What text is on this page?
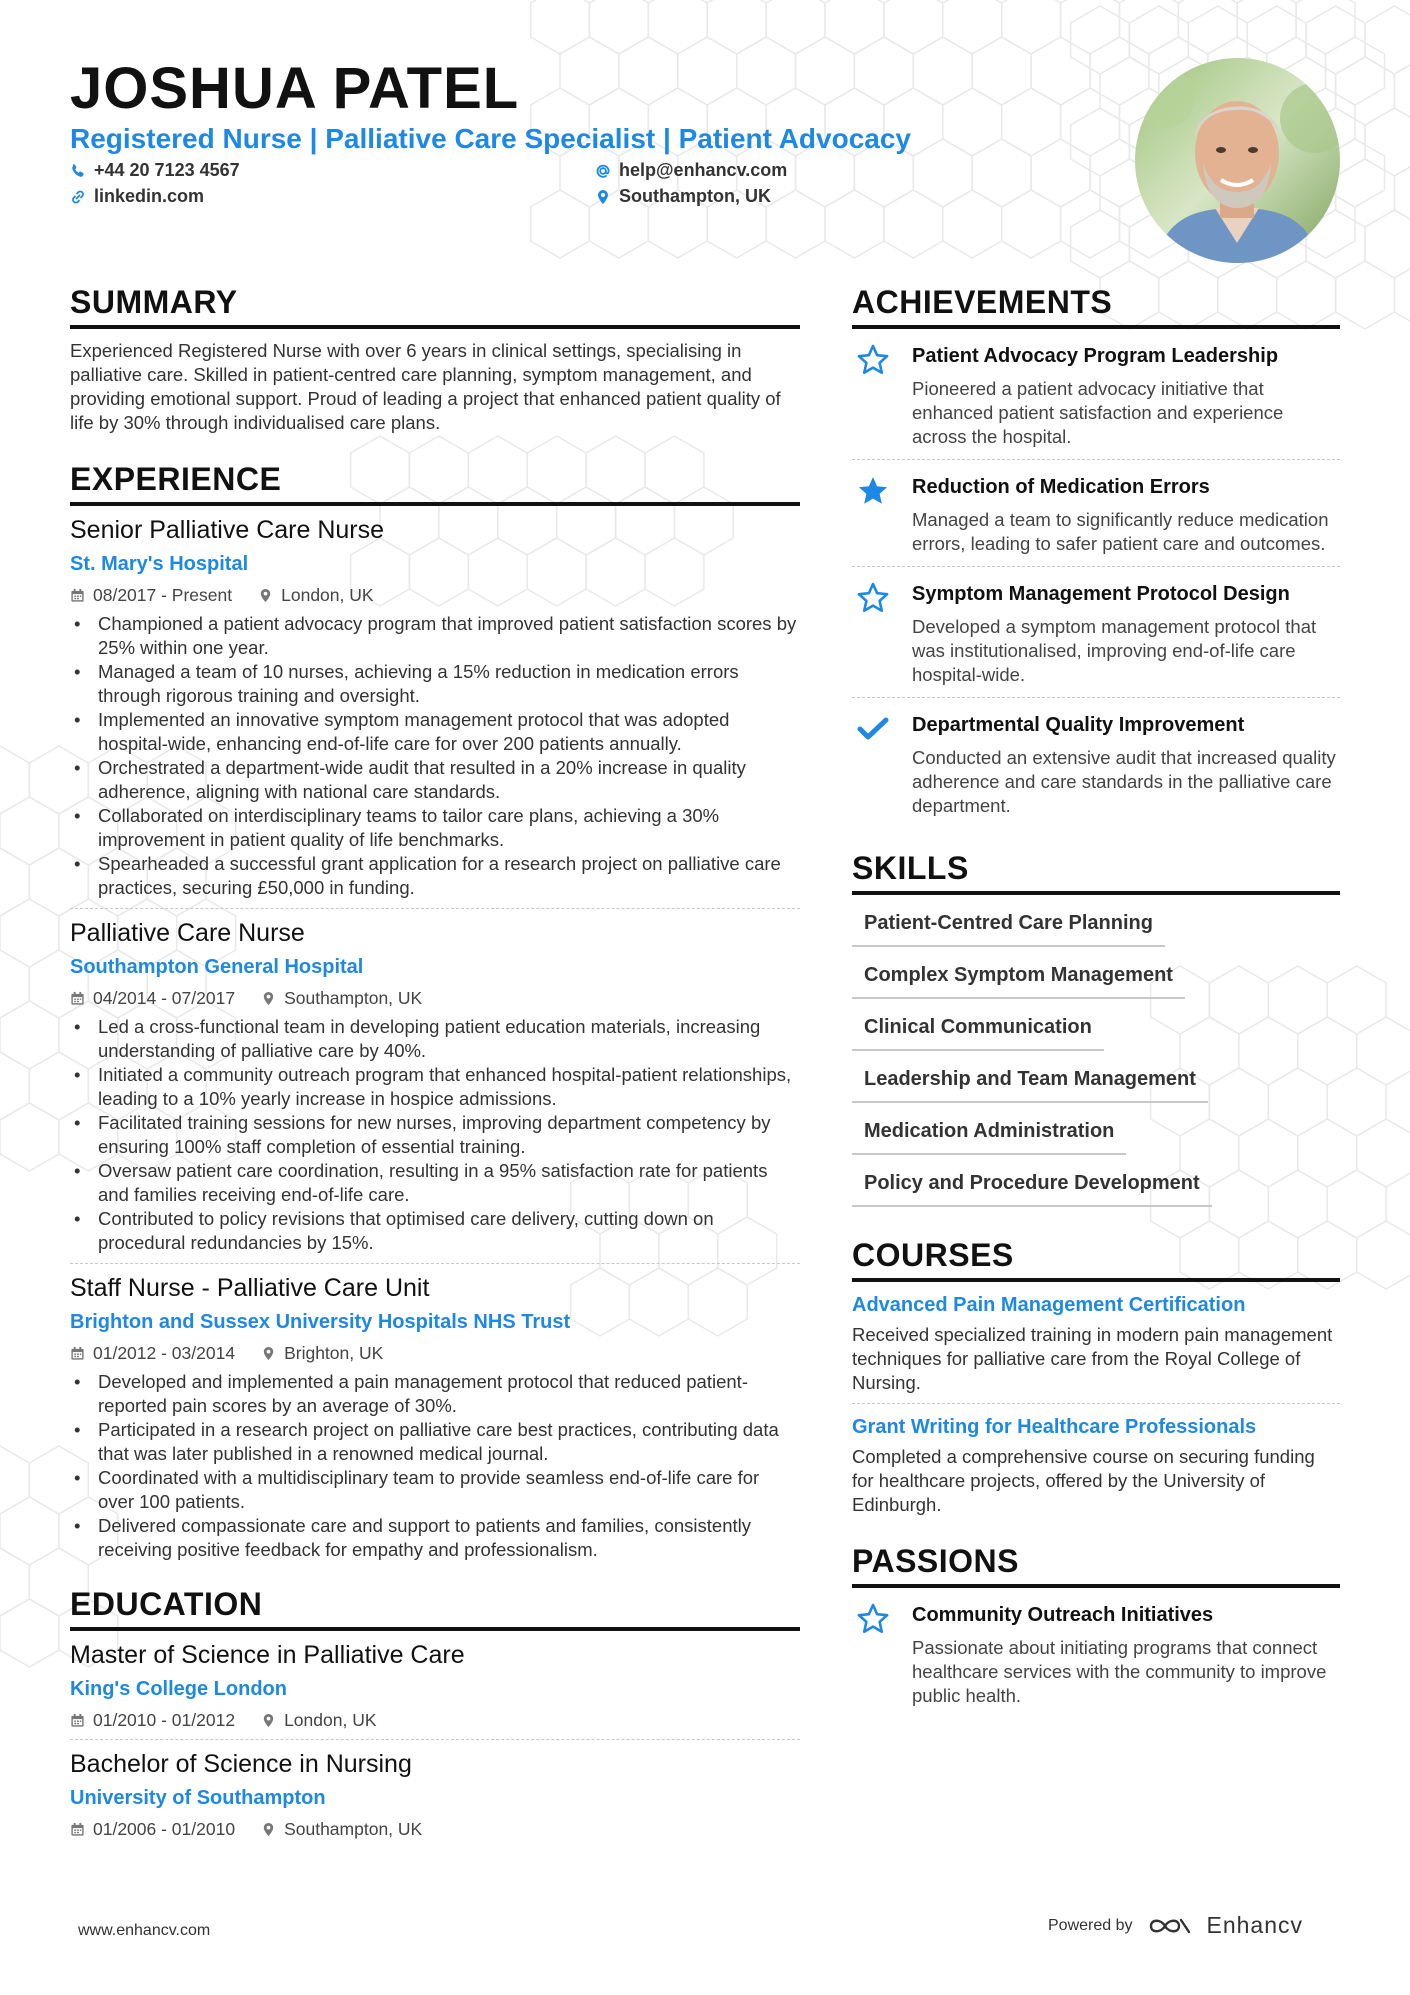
JOSHUA PATEL
Registered Nurse | Palliative Care Specialist | Patient Advocacy
+44 20 7123 4567	help@enhancv.com
linkedin.com	Southampton, UK
SUMMARY
Experienced Registered Nurse with over 6 years in clinical settings, specialising in palliative care. Skilled in patient-centred care planning, symptom management, and providing emotional support. Proud of leading a project that enhanced patient quality of life by 30% through individualised care plans.
EXPERIENCE
Senior Palliative Care Nurse
St. Mary's Hospital
08/2017 - Present	London, UK
• Championed a patient advocacy program that improved patient satisfaction scores by 25% within one year.
• Managed a team of 10 nurses, achieving a 15% reduction in medication errors through rigorous training and oversight.
• Implemented an innovative symptom management protocol that was adopted hospital-wide, enhancing end-of-life care for over 200 patients annually.
• Orchestrated a department-wide audit that resulted in a 20% increase in quality adherence, aligning with national care standards.
• Collaborated on interdisciplinary teams to tailor care plans, achieving a 30% improvement in patient quality of life benchmarks.
• Spearheaded a successful grant application for a research project on palliative care practices, securing £50,000 in funding.
Palliative Care Nurse
Southampton General Hospital
04/2014 - 07/2017	Southampton, UK
• Led a cross-functional team in developing patient education materials, increasing understanding of palliative care by 40%.
• Initiated a community outreach program that enhanced hospital-patient relationships, leading to a 10% yearly increase in hospice admissions.
• Facilitated training sessions for new nurses, improving department competency by ensuring 100% staff completion of essential training.
• Oversaw patient care coordination, resulting in a 95% satisfaction rate for patients and families receiving end-of-life care.
• Contributed to policy revisions that optimised care delivery, cutting down on procedural redundancies by 15%.
Staff Nurse - Palliative Care Unit
Brighton and Sussex University Hospitals NHS Trust
01/2012 - 03/2014	Brighton, UK
• Developed and implemented a pain management protocol that reduced patient-reported pain scores by an average of 30%.
• Participated in a research project on palliative care best practices, contributing data that was later published in a renowned medical journal.
• Coordinated with a multidisciplinary team to provide seamless end-of-life care for over 100 patients.
• Delivered compassionate care and support to patients and families, consistently receiving positive feedback for empathy and professionalism.
EDUCATION
Master of Science in Palliative Care
King's College London
01/2010 - 01/2012	London, UK
Bachelor of Science in Nursing
University of Southampton
01/2006 - 01/2010	Southampton, UK
ACHIEVEMENTS
Patient Advocacy Program Leadership
Pioneered a patient advocacy initiative that enhanced patient satisfaction and experience across the hospital.
Reduction of Medication Errors
Managed a team to significantly reduce medication errors, leading to safer patient care and outcomes.
Symptom Management Protocol Design
Developed a symptom management protocol that was institutionalised, improving end-of-life care hospital-wide.
Departmental Quality Improvement
Conducted an extensive audit that increased quality adherence and care standards in the palliative care department.
SKILLS
Patient-Centred Care Planning
Complex Symptom Management
Clinical Communication
Leadership and Team Management
Medication Administration
Policy and Procedure Development
COURSES
Advanced Pain Management Certification
Received specialized training in modern pain management techniques for palliative care from the Royal College of Nursing.
Grant Writing for Healthcare Professionals
Completed a comprehensive course on securing funding for healthcare projects, offered by the University of Edinburgh.
PASSIONS
Community Outreach Initiatives
Passionate about initiating programs that connect healthcare services with the community to improve public health.
www.enhancv.com	Powered by	Enhancv
